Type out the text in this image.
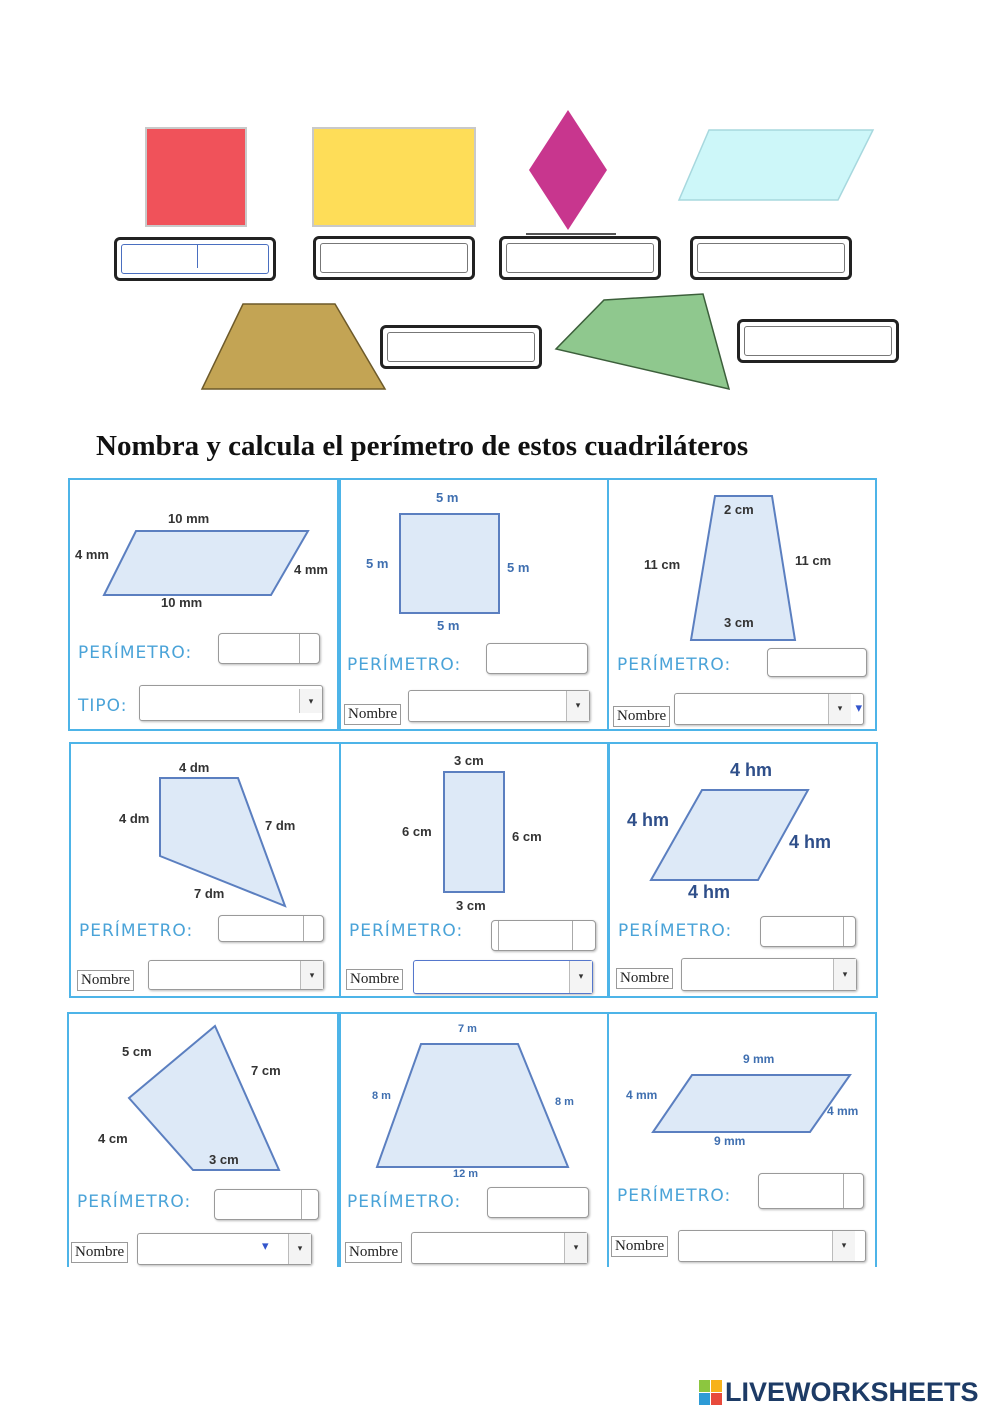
Nombra y calcula el perímetro de estos cuadriláteros
10 mm
4 mm
4 mm
10 mm
PERÍMETRO:
TIPO:	▾
5 m
5 m	5 m
5 m
PERÍMETRO:
Nombre
▾
2 cm
11 cm	11 cm
3 cm
PERÍMETRO:
Nombre	▾	▾
4 dm
4 dm	7 dm
7 dm
PERÍMETRO:
Nombre	▾
3 cm
6 cm	6 cm
3 cm
PERÍMETRO:
Nombre	▾
4 hm
4 hm
4 hm
4 hm
PERÍMETRO:
Nombre	▾
5 cm
7 cm
4 cm
3 cm
PERÍMETRO:
Nombre	▾	▾
7 m
8 m	8 m
12 m
PERÍMETRO:
Nombre	▾
9 mm
4 mm
4 mm
9 mm
PERÍMETRO:
Nombre	▾
LIVEWORKSHEETS
